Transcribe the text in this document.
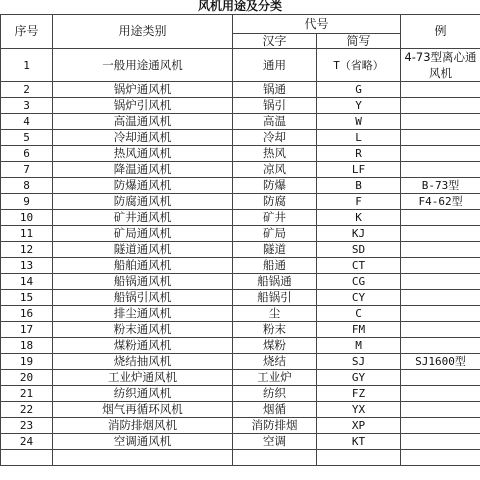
风机用途及分类
序号	用途类别	代号		例
		汉字	简写	
1	一般用途通风机	通用	T（省略）	4-73型离心通风机
2	锅炉通风机	锅通	G	
3	锅炉引风机	锅引	Y	
4	高温通风机	高温	W	
5	冷却通风机	冷却	L	
6	热风通风机	热风	R	
7	降温通风机	凉风	LF	
8	防爆通风机	防爆	B	B-73型
9	防腐通风机	防腐	F	F4-62型
10	矿井通风机	矿井	K	
11	矿局通风机	矿局	KJ	
12	隧道通风机	隧道	SD	
13	船舶通风机	船通	CT	
14	船锅通风机	船锅通	CG	
15	船锅引风机	船锅引	CY	
16	排尘通风机	尘	C	
17	粉末通风机	粉末	FM	
18	煤粉通风机	煤粉	M	
19	烧结抽风机	烧结	SJ	SJ1600型
20	工业炉通风机	工业炉	GY	
21	纺织通风机	纺织	FZ	
22	烟气再循环风机	烟循	YX	
23	消防排烟风机	消防排烟	XP	
24	空调通风机	空调	KT	
